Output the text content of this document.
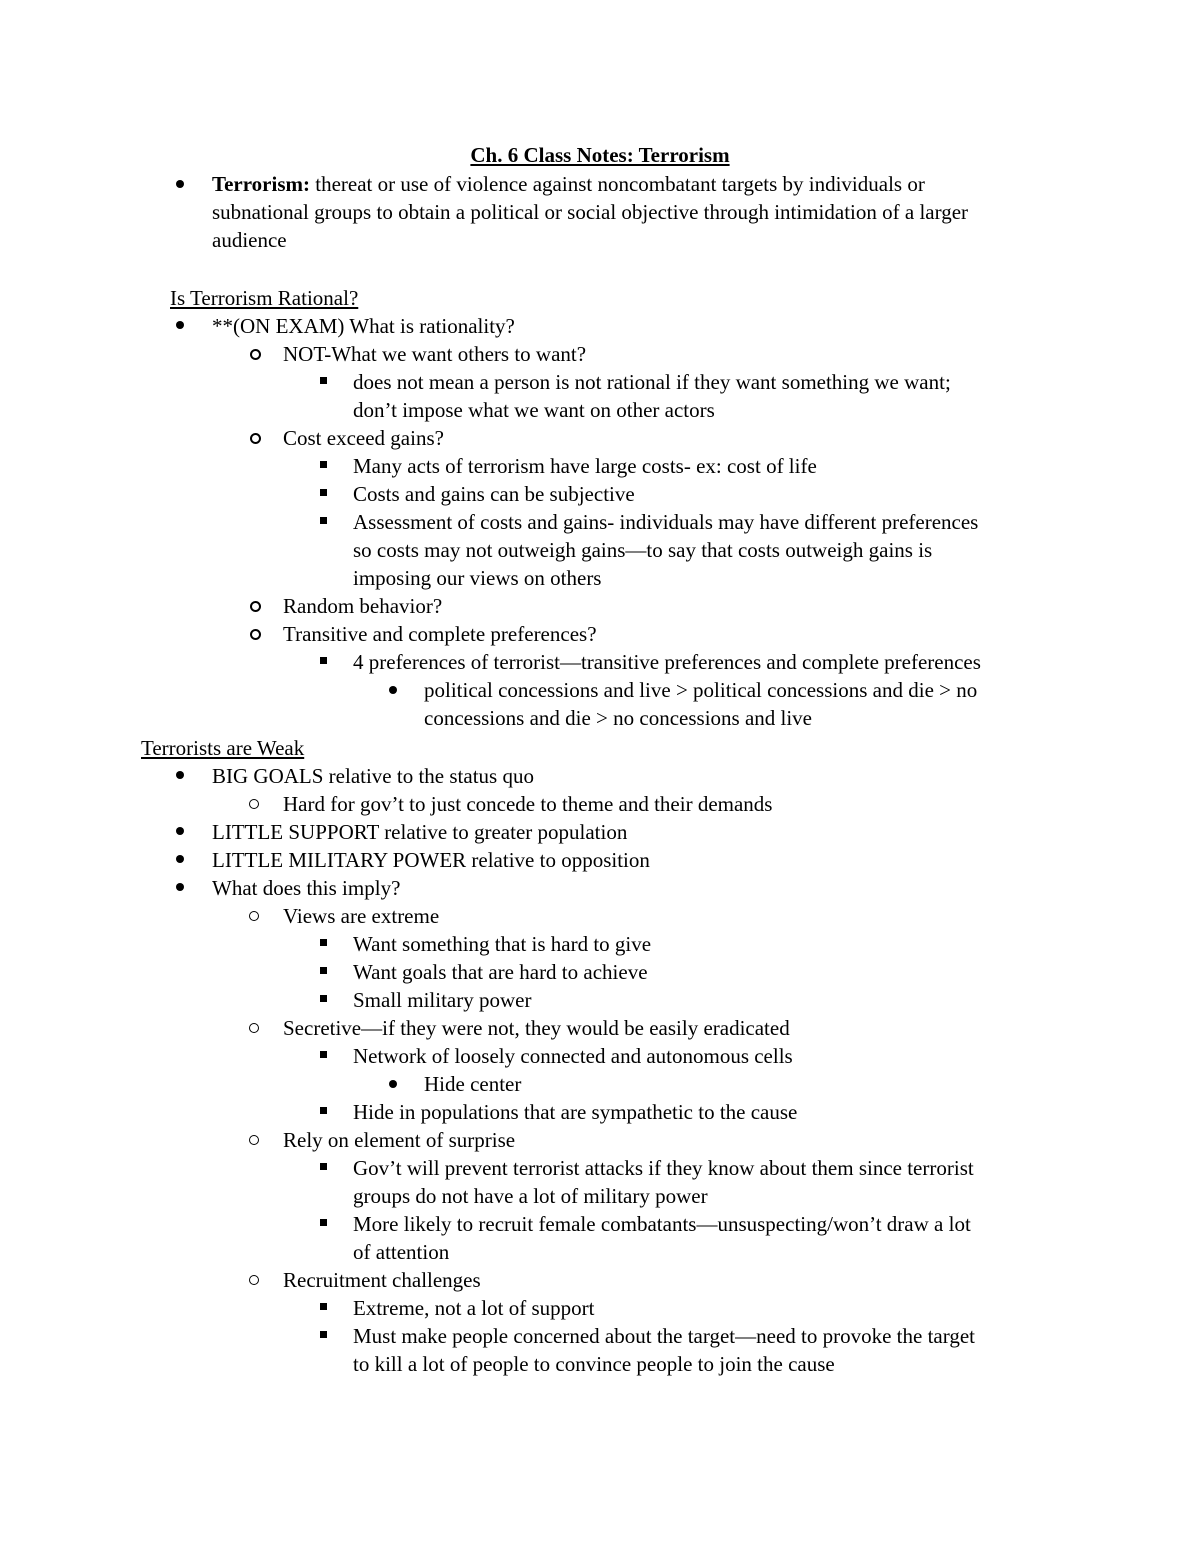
Ch. 6 Class Notes: Terrorism
Terrorism: thereat or use of violence against noncombatant targets by individuals or
subnational groups to obtain a political or social objective through intimidation of a larger
audience
Is Terrorism Rational?
**(ON EXAM) What is rationality?
NOT-What we want others to want?
does not mean a person is not rational if they want something we want;
don’t impose what we want on other actors
Cost exceed gains?
Many acts of terrorism have large costs- ex: cost of life
Costs and gains can be subjective
Assessment of costs and gains- individuals may have different preferences
so costs may not outweigh gains—to say that costs outweigh gains is
imposing our views on others
Random behavior?
Transitive and complete preferences?
4 preferences of terrorist—transitive preferences and complete preferences
political concessions and live > political concessions and die > no
concessions and die > no concessions and live
Terrorists are Weak
BIG GOALS relative to the status quo
Hard for gov’t to just concede to theme and their demands
LITTLE SUPPORT relative to greater population
LITTLE MILITARY POWER relative to opposition
What does this imply?
Views are extreme
Want something that is hard to give
Want goals that are hard to achieve
Small military power
Secretive—if they were not, they would be easily eradicated
Network of loosely connected and autonomous cells
Hide center
Hide in populations that are sympathetic to the cause
Rely on element of surprise
Gov’t will prevent terrorist attacks if they know about them since terrorist
groups do not have a lot of military power
More likely to recruit female combatants—unsuspecting/won’t draw a lot
of attention
Recruitment challenges
Extreme, not a lot of support
Must make people concerned about the target—need to provoke the target
to kill a lot of people to convince people to join the cause
